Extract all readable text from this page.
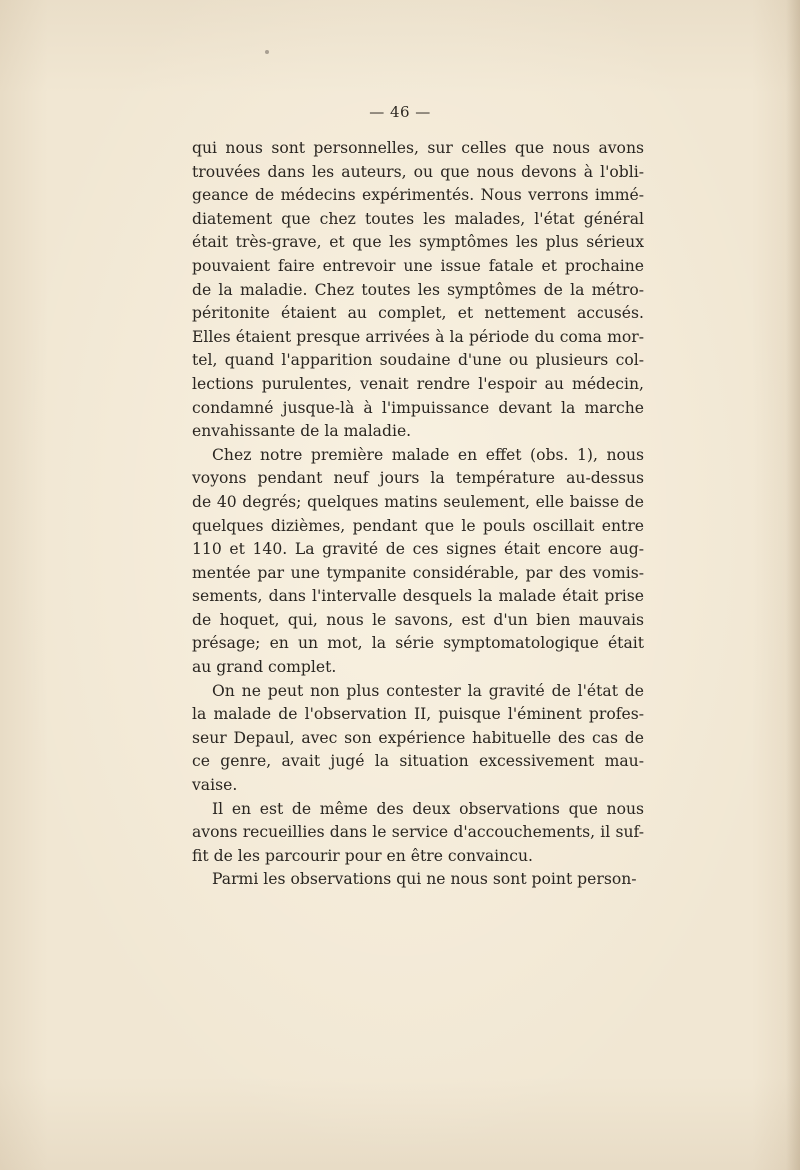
— 46 —

qui nous sont personnelles, sur celles que nous avons

trouvées dans les auteurs, ou que nous devons à l'obli-

geance de médecins expérimentés. Nous verrons immé-

diatement que chez toutes les malades, l'état général

était très-grave, et que les symptômes les plus sérieux

pouvaient faire entrevoir une issue fatale et prochaine

de la maladie. Chez toutes les symptômes de la métro-

péritonite étaient au complet, et nettement accusés.

Elles étaient presque arrivées à la période du coma mor-

tel, quand l'apparition soudaine d'une ou plusieurs col-

lections purulentes, venait rendre l'espoir au médecin,

condamné jusque-là à l'impuissance devant la marche

envahissante de la maladie.

Chez notre première malade en effet (obs. 1), nous

voyons pendant neuf jours la température au-dessus

de 40 degrés; quelques matins seulement, elle baisse de

quelques dizièmes, pendant que le pouls oscillait entre

110 et 140. La gravité de ces signes était encore aug-

mentée par une tympanite considérable, par des vomis-

sements, dans l'intervalle desquels la malade était prise

de hoquet, qui, nous le savons, est d'un bien mauvais

présage; en un mot, la série symptomatologique était

au grand complet.

On ne peut non plus contester la gravité de l'état de

la malade de l'observation II, puisque l'éminent profes-

seur Depaul, avec son expérience habituelle des cas de

ce genre, avait jugé la situation excessivement mau-

vaise.

Il en est de même des deux observations que nous

avons recueillies dans le service d'accouchements, il suf-

fit de les parcourir pour en être convaincu.

Parmi les observations qui ne nous sont point person-
